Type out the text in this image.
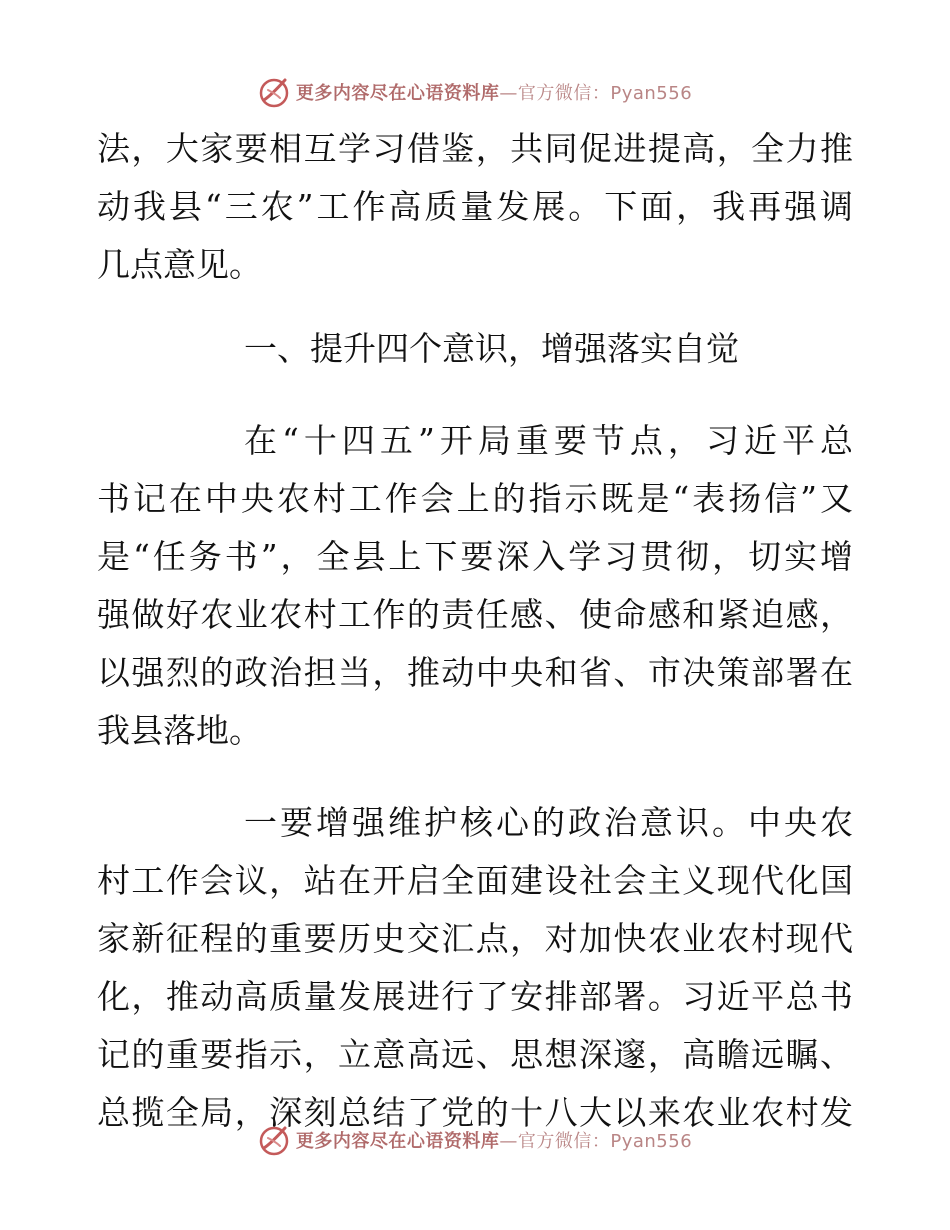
更多内容尽在心语资料库—官方微信：Pyan556
法，大家要相互学习借鉴，共同促进提高，全力推
动我县“三农”工作高质量发展。下面，我再强调
几点意见。
一、提升四个意识，增强落实自觉
在“十四五”开局重要节点，习近平总
书记在中央农村工作会上的指示既是“表扬信”又
是“任务书”，全县上下要深入学习贯彻，切实增
强做好农业农村工作的责任感、使命感和紧迫感，
以强烈的政治担当，推动中央和省、市决策部署在
我县落地。
一要增强维护核心的政治意识。中央农
村工作会议，站在开启全面建设社会主义现代化国
家新征程的重要历史交汇点，对加快农业农村现代
化，推动高质量发展进行了安排部署。习近平总书
记的重要指示，立意高远、思想深邃，高瞻远瞩、
总揽全局，深刻总结了党的十八大以来农业农村发
更多内容尽在心语资料库—官方微信：Pyan556
